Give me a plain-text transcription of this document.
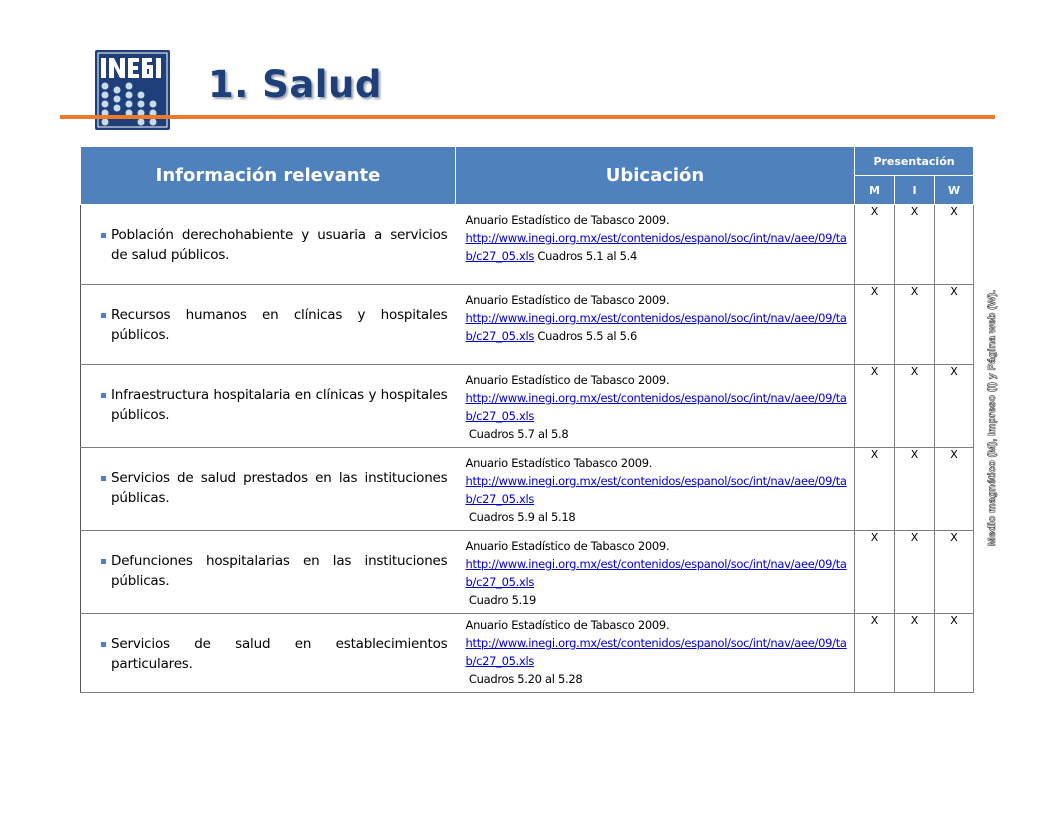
1. Salud
Información relevante	Ubicación	Presentación		
		M	I	W

Población derechohabiente y usuaria a servicios de salud públicos.	Anuario Estadístico de Tabasco 2009.
http://www.inegi.org.mx/est/contenidos/espanol/soc/int/nav/aee/09/tab/c27_05.xls Cuadros 5.1 al 5.4	X	X	X

Recursos humanos en clínicas y hospitales públicos.	Anuario Estadístico de Tabasco 2009.
http://www.inegi.org.mx/est/contenidos/espanol/soc/int/nav/aee/09/tab/c27_05.xls Cuadros 5.5 al 5.6	X	X	X

Infraestructura hospitalaria en clínicas y hospitales públicos.	Anuario Estadístico de Tabasco 2009.
http://www.inegi.org.mx/est/contenidos/espanol/soc/int/nav/aee/09/tab/c27_05.xls
Cuadros 5.7 al 5.8	X	X	X

Servicios de salud prestados en las instituciones públicas.	Anuario Estadístico Tabasco 2009.
http://www.inegi.org.mx/est/contenidos/espanol/soc/int/nav/aee/09/tab/c27_05.xls
Cuadros 5.9 al 5.18	X	X	X

Defunciones hospitalarias en las instituciones públicas.	Anuario Estadístico de Tabasco 2009.
http://www.inegi.org.mx/est/contenidos/espanol/soc/int/nav/aee/09/tab/c27_05.xls
Cuadro 5.19	X	X	X

Servicios de salud en establecimientos particulares.	Anuario Estadístico de Tabasco 2009.
http://www.inegi.org.mx/est/contenidos/espanol/soc/int/nav/aee/09/tab/c27_05.xls
Cuadros 5.20 al 5.28	X	X	X
Medio magnético (M), Impreso (I) y Página web (W).
